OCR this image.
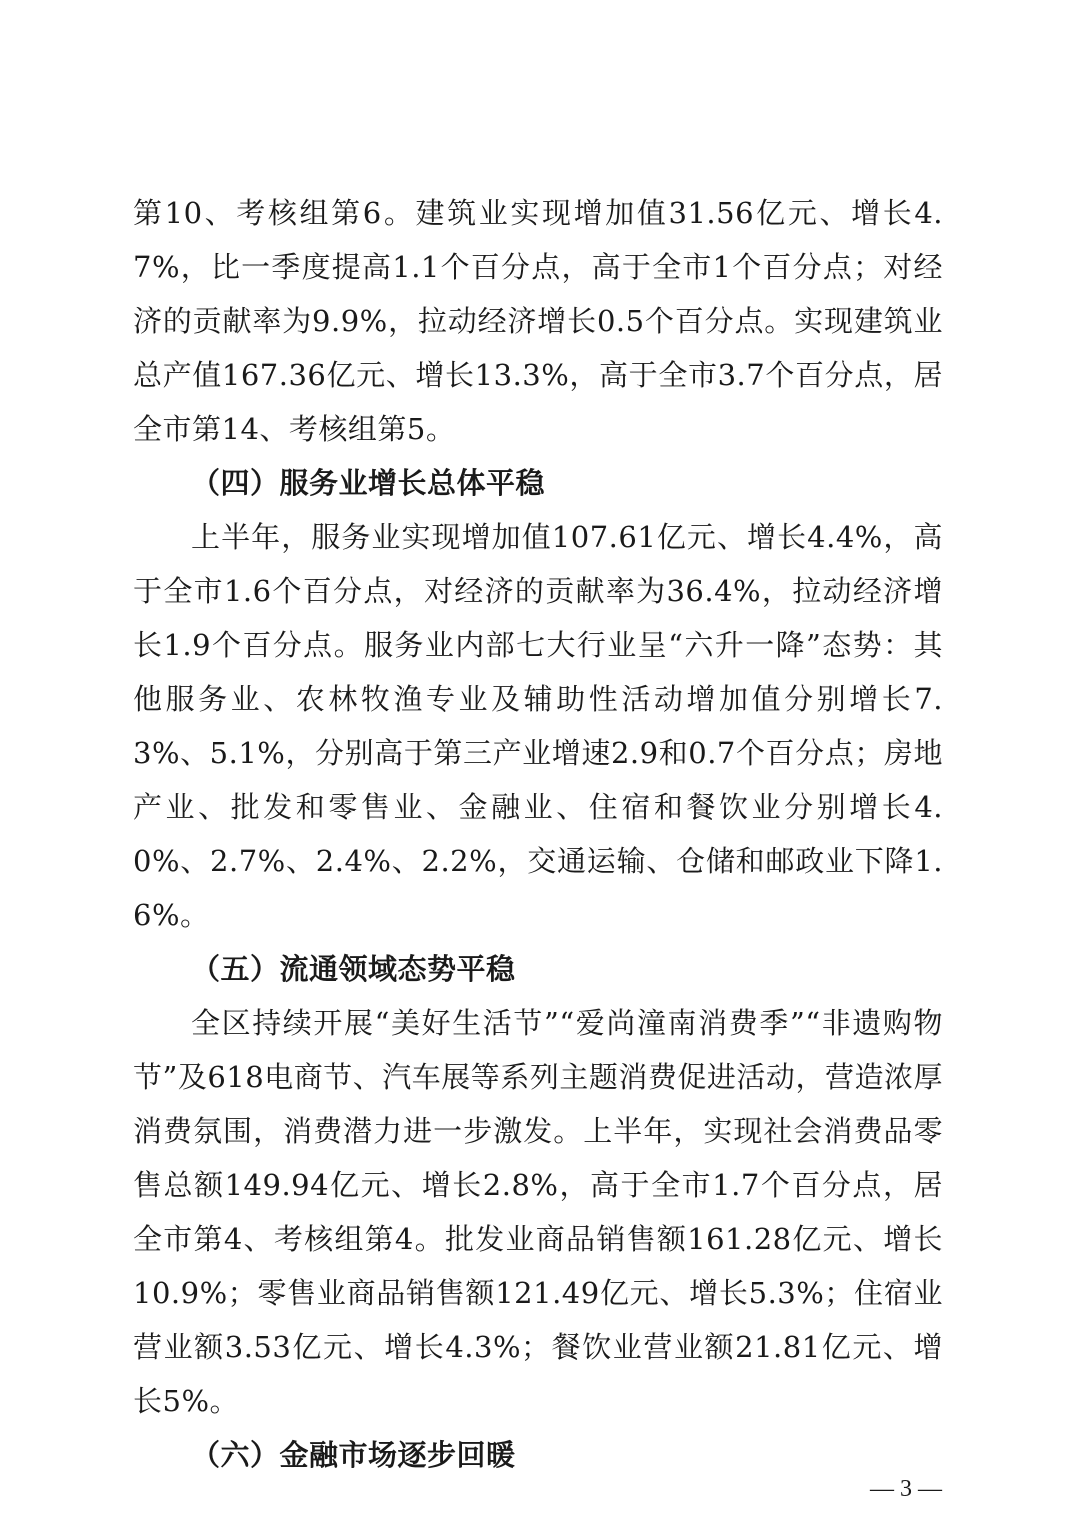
第10、考核组第6。建筑业实现增加值31.56亿元、增长4.7%，比一季度提高1.1个百分点，高于全市1个百分点；对经济的贡献率为9.9%，拉动经济增长0.5个百分点。实现建筑业总产值167.36亿元、增长13.3%，高于全市3.7个百分点，居全市第14、考核组第5。

（四）服务业增长总体平稳

上半年，服务业实现增加值107.61亿元、增长4.4%，高于全市1.6个百分点，对经济的贡献率为36.4%，拉动经济增长1.9个百分点。服务业内部七大行业呈“六升一降”态势：其他服务业、农林牧渔专业及辅助性活动增加值分别增长7.3%、5.1%，分别高于第三产业增速2.9和0.7个百分点；房地产业、批发和零售业、金融业、住宿和餐饮业分别增长4.0%、2.7%、2.4%、2.2%，交通运输、仓储和邮政业下降1.6%。

（五）流通领域态势平稳

全区持续开展“美好生活节”“爱尚潼南消费季”“非遗购物节”及618电商节、汽车展等系列主题消费促进活动，营造浓厚消费氛围，消费潜力进一步激发。上半年，实现社会消费品零售总额149.94亿元、增长2.8%，高于全市1.7个百分点，居全市第4、考核组第4。批发业商品销售额161.28亿元、增长10.9%；零售业商品销售额121.49亿元、增长5.3%；住宿业营业额3.53亿元、增长4.3%；餐饮业营业额21.81亿元、增长5%。

（六）金融市场逐步回暖

— 3 —
